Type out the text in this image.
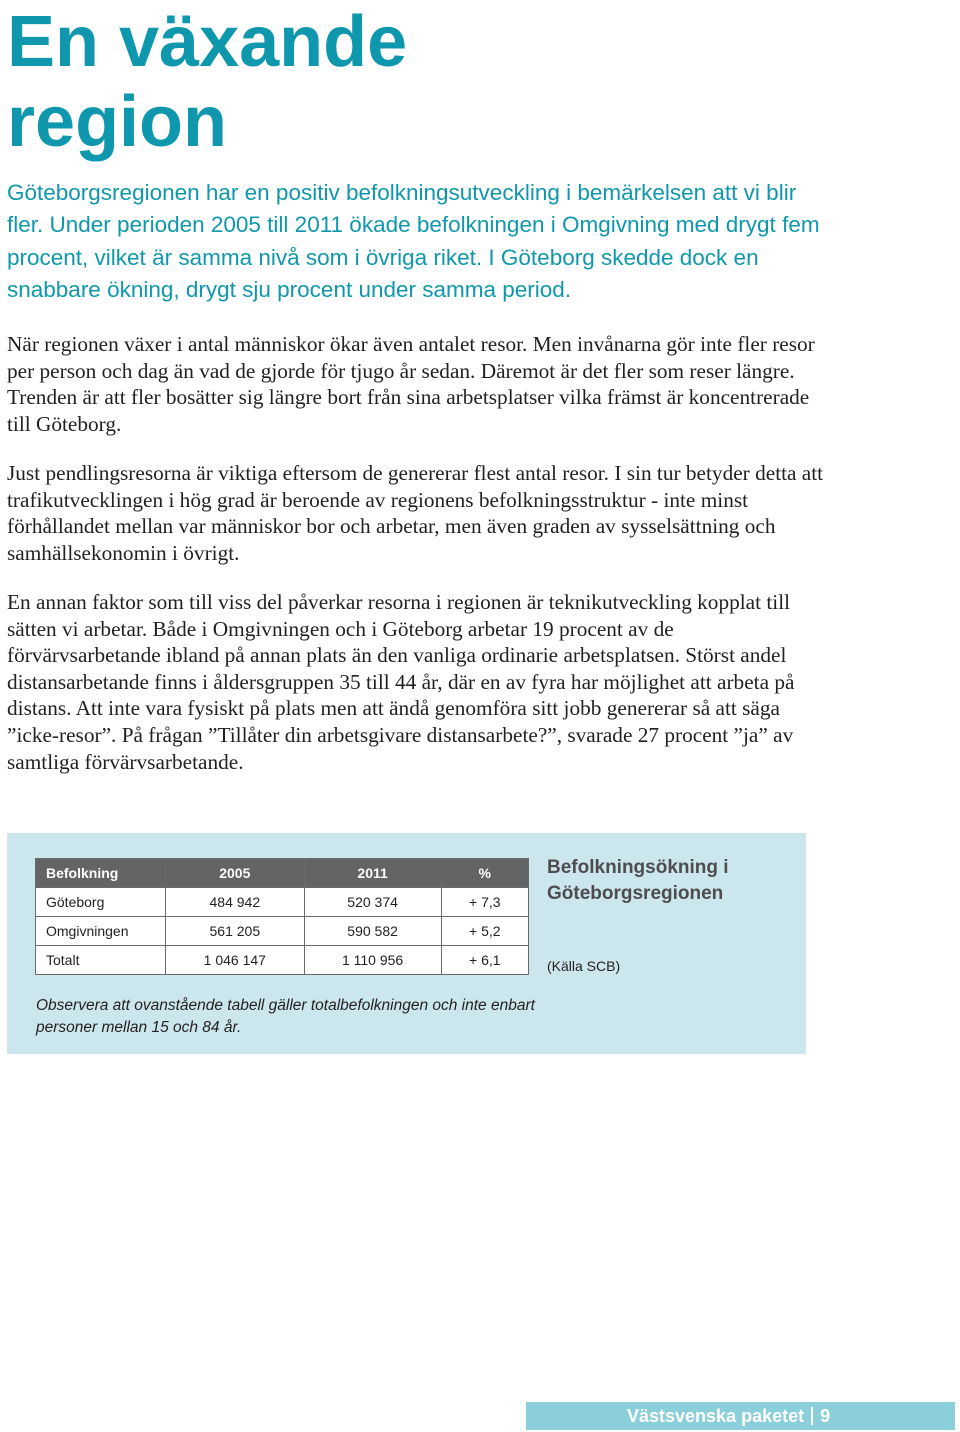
En växande
region

Göteborgsregionen har en positiv befolkningsutveckling i bemärkelsen att vi blir fler. Under perioden 2005 till 2011 ökade befolkningen i Omgivning med drygt fem procent, vilket är samma nivå som i övriga riket. I Göteborg skedde dock en snabbare ökning, drygt sju procent under samma period.

När regionen växer i antal människor ökar även antalet resor. Men invånarna gör inte fler resor per person och dag än vad de gjorde för tjugo år sedan. Däremot är det fler som reser längre. Trenden är att fler bosätter sig längre bort från sina arbetsplatser vilka främst är koncentrerade till Göteborg.

Just pendlingsresorna är viktiga eftersom de genererar flest antal resor. I sin tur betyder detta att trafikutvecklingen i hög grad är beroende av regionens befolkningsstruktur - inte minst förhållandet mellan var människor bor och arbetar, men även graden av sysselsättning och samhällsekonomin i övrigt.

En annan faktor som till viss del påverkar resorna i regionen är teknikutveckling kopplat till sätten vi arbetar. Både i Omgivningen och i Göteborg arbetar 19 procent av de förvärvsarbetande ibland på annan plats än den vanliga ordinarie arbetsplatsen. Störst andel distansarbetande finns i åldersgruppen 35 till 44 år, där en av fyra har möjlighet att arbeta på distans. Att inte vara fysiskt på plats men att ändå genomföra sitt jobb genererar så att säga ”icke-resor”. På frågan ”Tillåter din arbetsgivare distansarbete?”, svarade 27 procent ”ja” av samtliga förvärvsarbetande.

Befolkning	2005	2011	%
Göteborg	484 942	520 374	+ 7,3
Omgivningen	561 205	590 582	+ 5,2
Totalt	1 046 147	1 110 956	+ 6,1

Befolkningsökning i Göteborgsregionen

(Källa SCB)

Observera att ovanstående tabell gäller totalbefolkningen och inte enbart personer mellan 15 och 84 år.

Västsvenska paketet 9
